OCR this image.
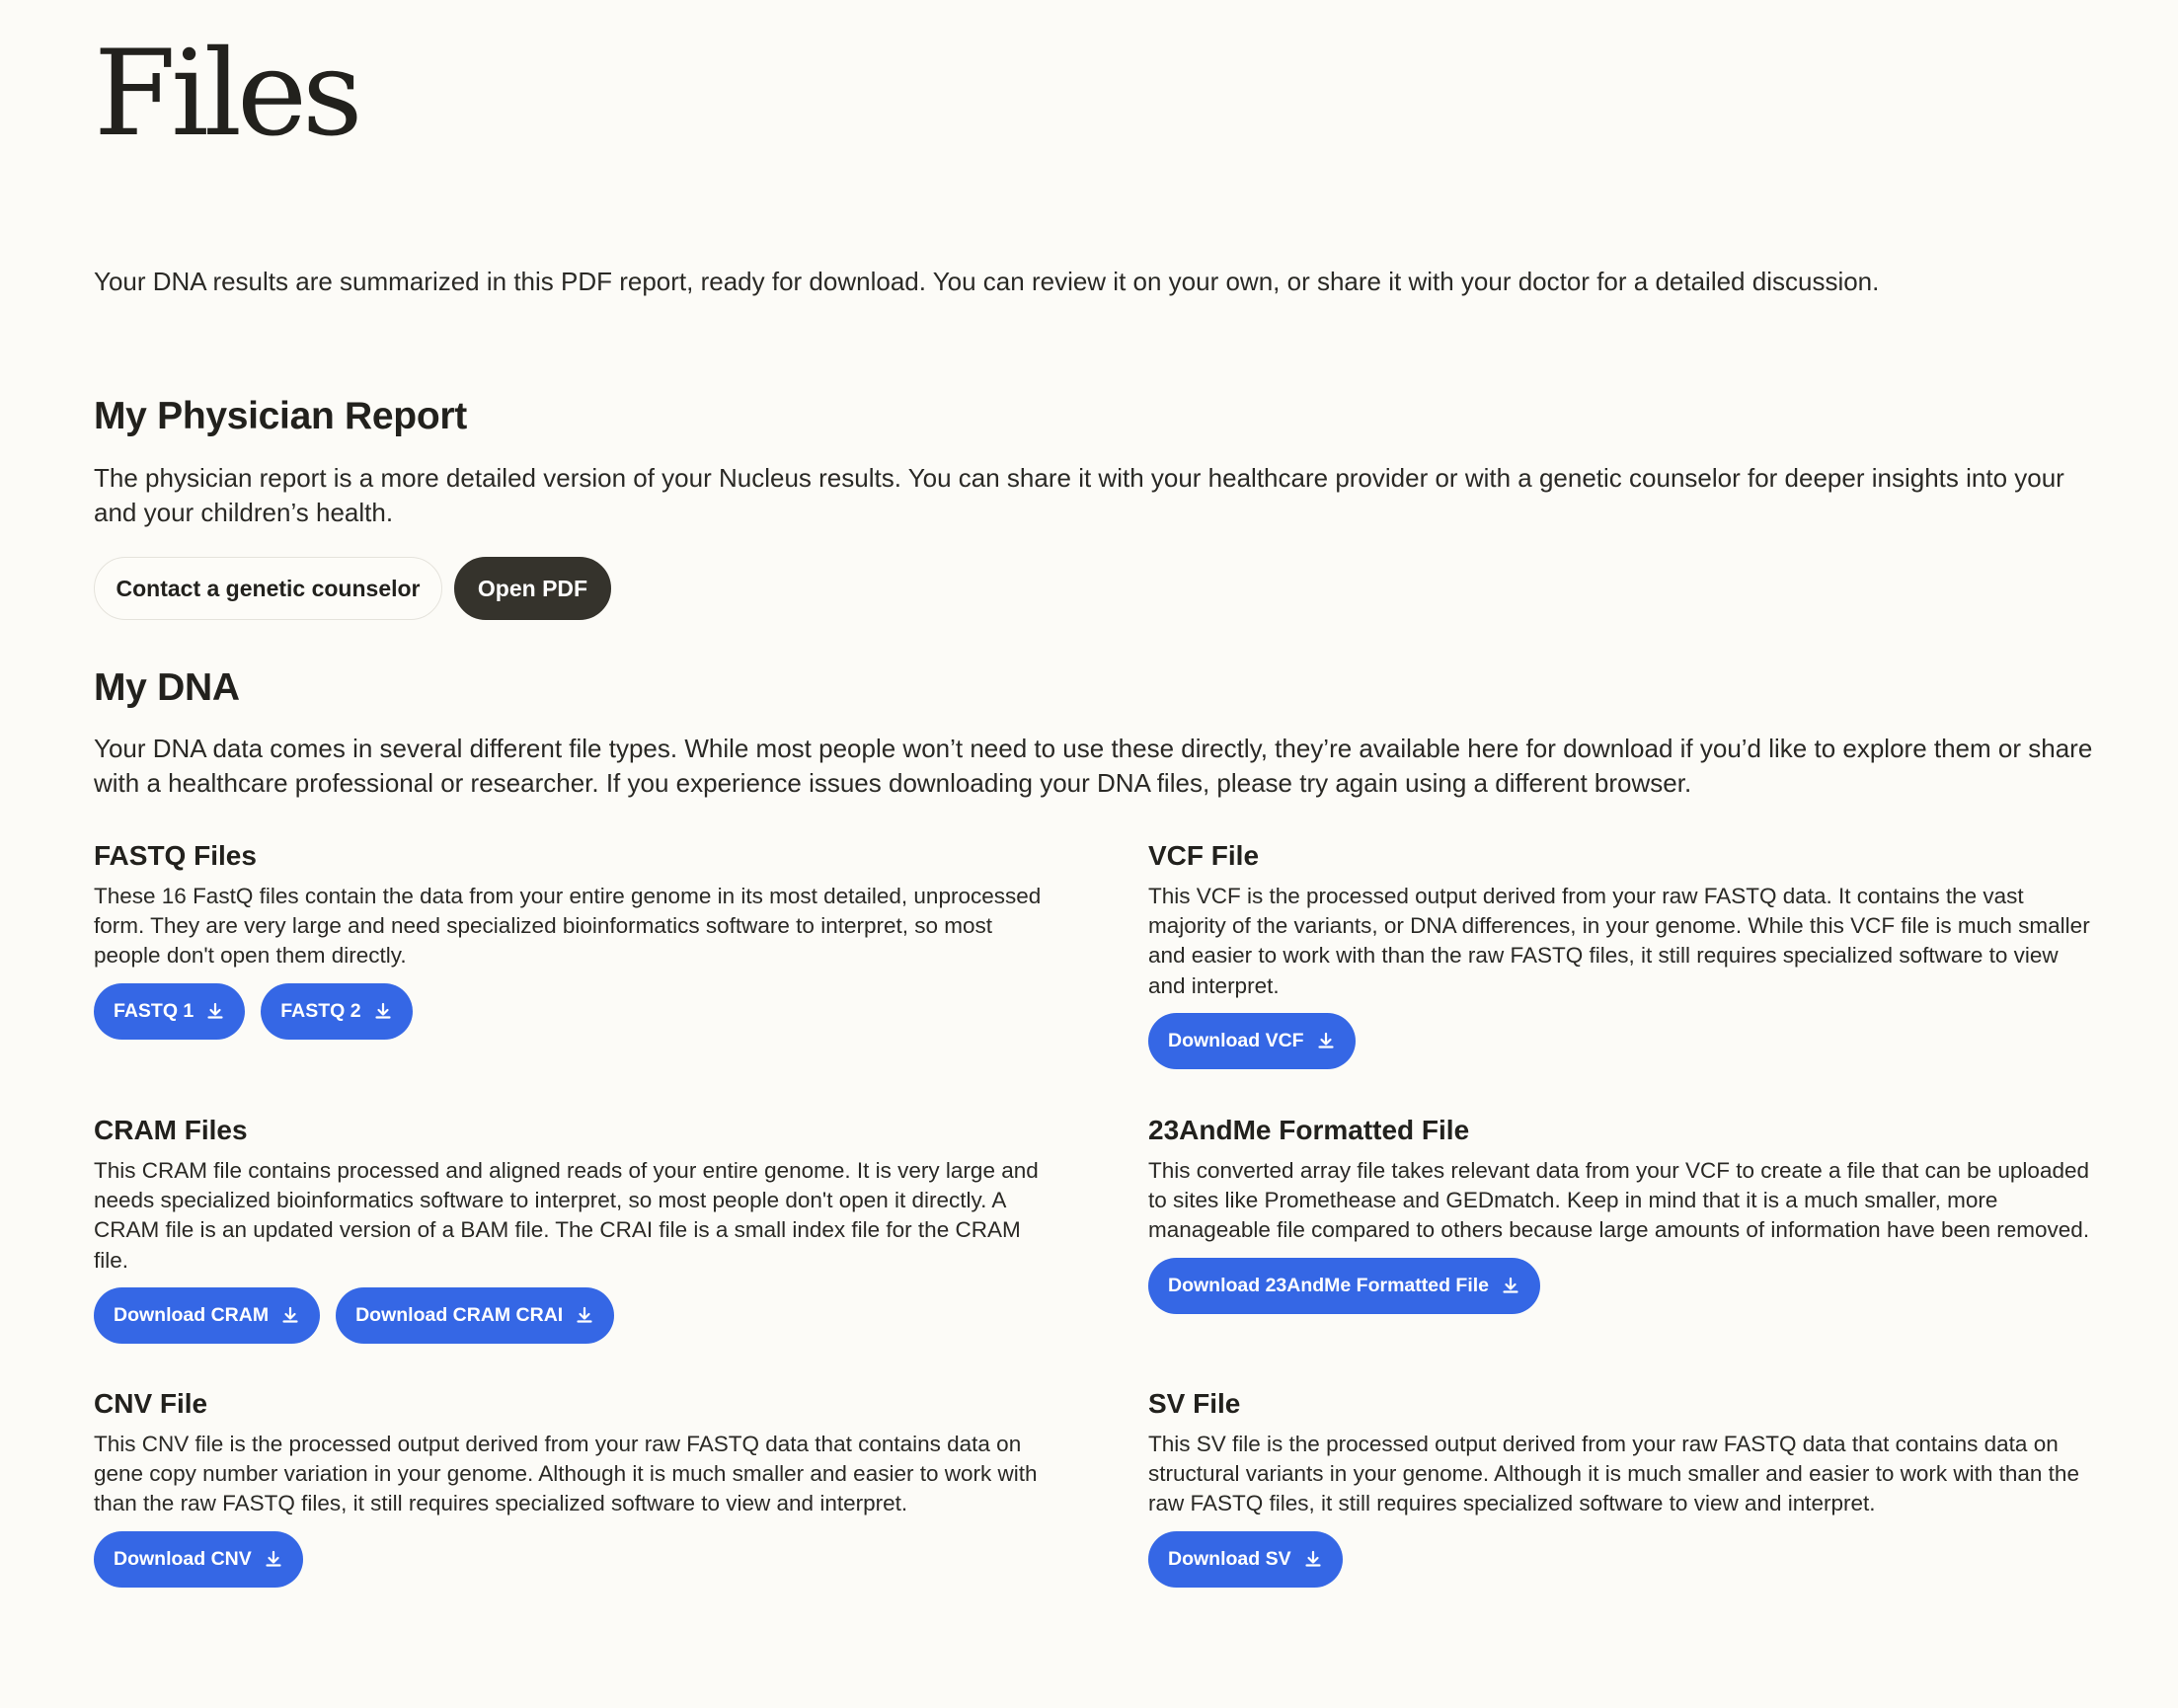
Files

Your DNA results are summarized in this PDF report, ready for download. You can review it on your own, or share it with your doctor for a detailed discussion.

My Physician Report

The physician report is a more detailed version of your Nucleus results. You can share it with your healthcare provider or with a genetic counselor for deeper insights into your and your children’s health.

Contact a genetic counselor	Open PDF
My DNA

Your DNA data comes in several different file types. While most people won’t need to use these directly, they’re available here for download if you’d like to explore them or share with a healthcare professional or researcher. If you experience issues downloading your DNA files, please try again using a different browser.

FASTQ Files

These 16 FastQ files contain the data from your entire genome in its most detailed, unprocessed form. They are very large and need specialized bioinformatics software to interpret, so most people don't open them directly.

FASTQ 1	FASTQ 2
VCF File

This VCF is the processed output derived from your raw FASTQ data. It contains the vast majority of the variants, or DNA differences, in your genome. While this VCF file is much smaller and easier to work with than the raw FASTQ files, it still requires specialized software to view and interpret.

Download VCF
CRAM Files

This CRAM file contains processed and aligned reads of your entire genome. It is very large and needs specialized bioinformatics software to interpret, so most people don't open it directly. A CRAM file is an updated version of a BAM file. The CRAI file is a small index file for the CRAM file.

Download CRAM	Download CRAM CRAI
23AndMe Formatted File

This converted array file takes relevant data from your VCF to create a file that can be uploaded to sites like Promethease and GEDmatch. Keep in mind that it is a much smaller, more manageable file compared to others because large amounts of information have been removed.

Download 23AndMe Formatted File
CNV File

This CNV file is the processed output derived from your raw FASTQ data that contains data on gene copy number variation in your genome. Although it is much smaller and easier to work with than the raw FASTQ files, it still requires specialized software to view and interpret.

Download CNV
SV File

This SV file is the processed output derived from your raw FASTQ data that contains data on structural variants in your genome. Although it is much smaller and easier to work with than the raw FASTQ files, it still requires specialized software to view and interpret.

Download SV
